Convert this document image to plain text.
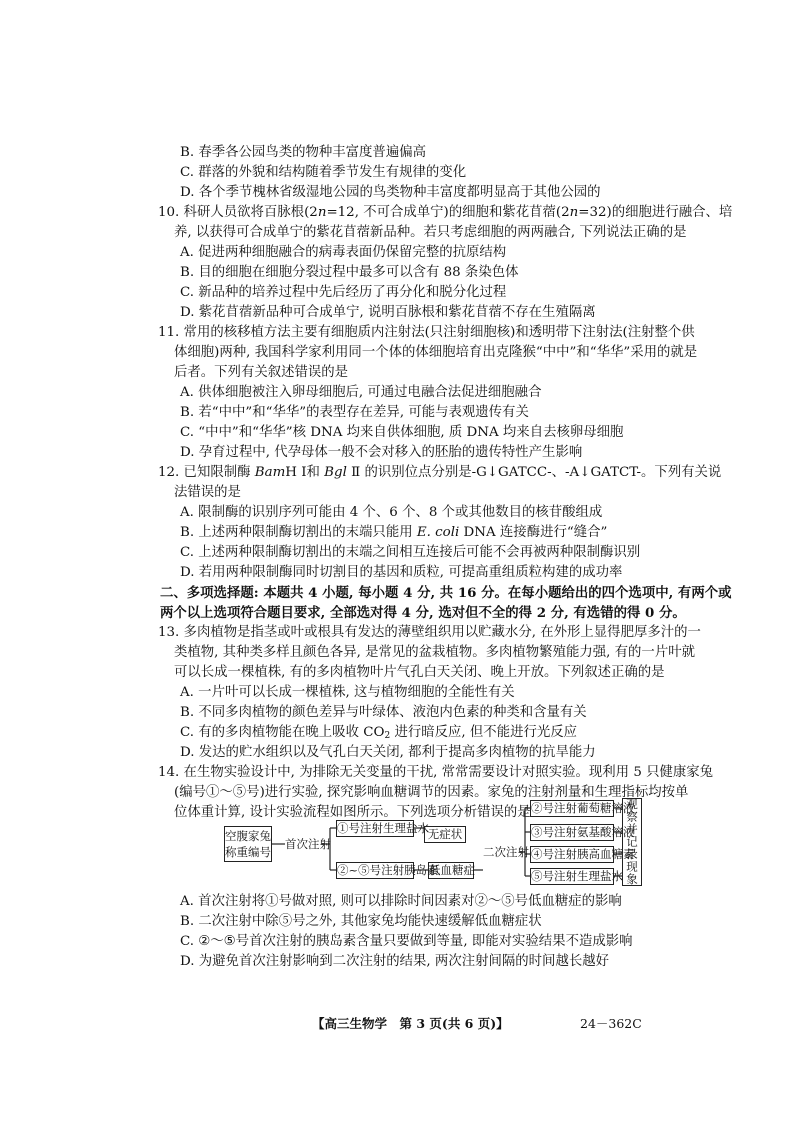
B. 春季各公园鸟类的物种丰富度普遍偏高
C. 群落的外貌和结构随着季节发生有规律的变化
D. 各个季节槐林省级湿地公园的鸟类物种丰富度都明显高于其他公园的
10. 科研人员欲将百脉根(2n=12, 不可合成单宁)的细胞和紫花苜蓿(2n=32)的细胞进行融合、培
养, 以获得可合成单宁的紫花苜蓿新品种。若只考虑细胞的两两融合, 下列说法正确的是
A. 促进两种细胞融合的病毒表面仍保留完整的抗原结构
B. 目的细胞在细胞分裂过程中最多可以含有 88 条染色体
C. 新品种的培养过程中先后经历了再分化和脱分化过程
D. 紫花苜蓿新品种可合成单宁, 说明百脉根和紫花苜蓿不存在生殖隔离
11. 常用的核移植方法主要有细胞质内注射法(只注射细胞核)和透明带下注射法(注射整个供
体细胞)两种, 我国科学家利用同一个体的体细胞培育出克隆猴“中中”和“华华”采用的就是
后者。下列有关叙述错误的是
A. 供体细胞被注入卵母细胞后, 可通过电融合法促进细胞融合
B. 若“中中”和“华华”的表型存在差异, 可能与表观遗传有关
C. “中中”和“华华”核 DNA 均来自供体细胞, 质 DNA 均来自去核卵母细胞
D. 孕育过程中, 代孕母体一般不会对移入的胚胎的遗传特性产生影响
12. 已知限制酶 BamH Ⅰ和 Bgl Ⅱ 的识别位点分别是-G↓GATCC-、-A↓GATCT-。下列有关说
法错误的是
A. 限制酶的识别序列可能由 4 个、6 个、8 个或其他数目的核苷酸组成
B. 上述两种限制酶切割出的末端只能用 E. coli DNA 连接酶进行“缝合”
C. 上述两种限制酶切割出的末端之间相互连接后可能不会再被两种限制酶识别
D. 若用两种限制酶同时切割目的基因和质粒, 可提高重组质粒构建的成功率
二、多项选择题: 本题共 4 小题, 每小题 4 分, 共 16 分。在每小题给出的四个选项中, 有两个或
两个以上选项符合题目要求, 全部选对得 4 分, 选对但不全的得 2 分, 有选错的得 0 分。
13. 多肉植物是指茎或叶或根具有发达的薄壁组织用以贮藏水分, 在外形上显得肥厚多汁的一
类植物, 其种类多样且颜色各异, 是常见的盆栽植物。多肉植物繁殖能力强, 有的一片叶就
可以长成一棵植株, 有的多肉植物叶片气孔白天关闭、晚上开放。下列叙述正确的是
A. 一片叶可以长成一棵植株, 这与植物细胞的全能性有关
B. 不同多肉植物的颜色差异与叶绿体、液泡内色素的种类和含量有关
C. 有的多肉植物能在晚上吸收 $CO_2$ 进行暗反应, 但不能进行光反应
D. 发达的贮水组织以及气孔白天关闭, 都利于提高多肉植物的抗旱能力
14. 在生物实验设计中, 为排除无关变量的干扰, 常常需要设计对照实验。现利用 5 只健康家兔
(编号①～⑤号)进行实验, 探究影响血糖调节的因素。家兔的注射剂量和生理指标均按单
位体重计算, 设计实验流程如图所示。下列选项分析错误的是
空腹家兔
称重编号
首次注射
①号注射生理盐水
无症状
②~⑤号注射胰岛素
低血糖症
二次注射
②号注射葡萄糖溶液
③号注射氨基酸溶液
④号注射胰高血糖素
⑤号注射生理盐水 观察并记录现象
A. 首次注射将①号做对照, 则可以排除时间因素对②～⑤号低血糖症的影响
B. 二次注射中除⑤号之外, 其他家兔均能快速缓解低血糖症状
C. ②～⑤号首次注射的胰岛素含量只要做到等量, 即能对实验结果不造成影响
D. 为避免首次注射影响到二次注射的结果, 两次注射间隔的时间越长越好
【高三生物学　第 3 页(共 6 页)】	24－362C
